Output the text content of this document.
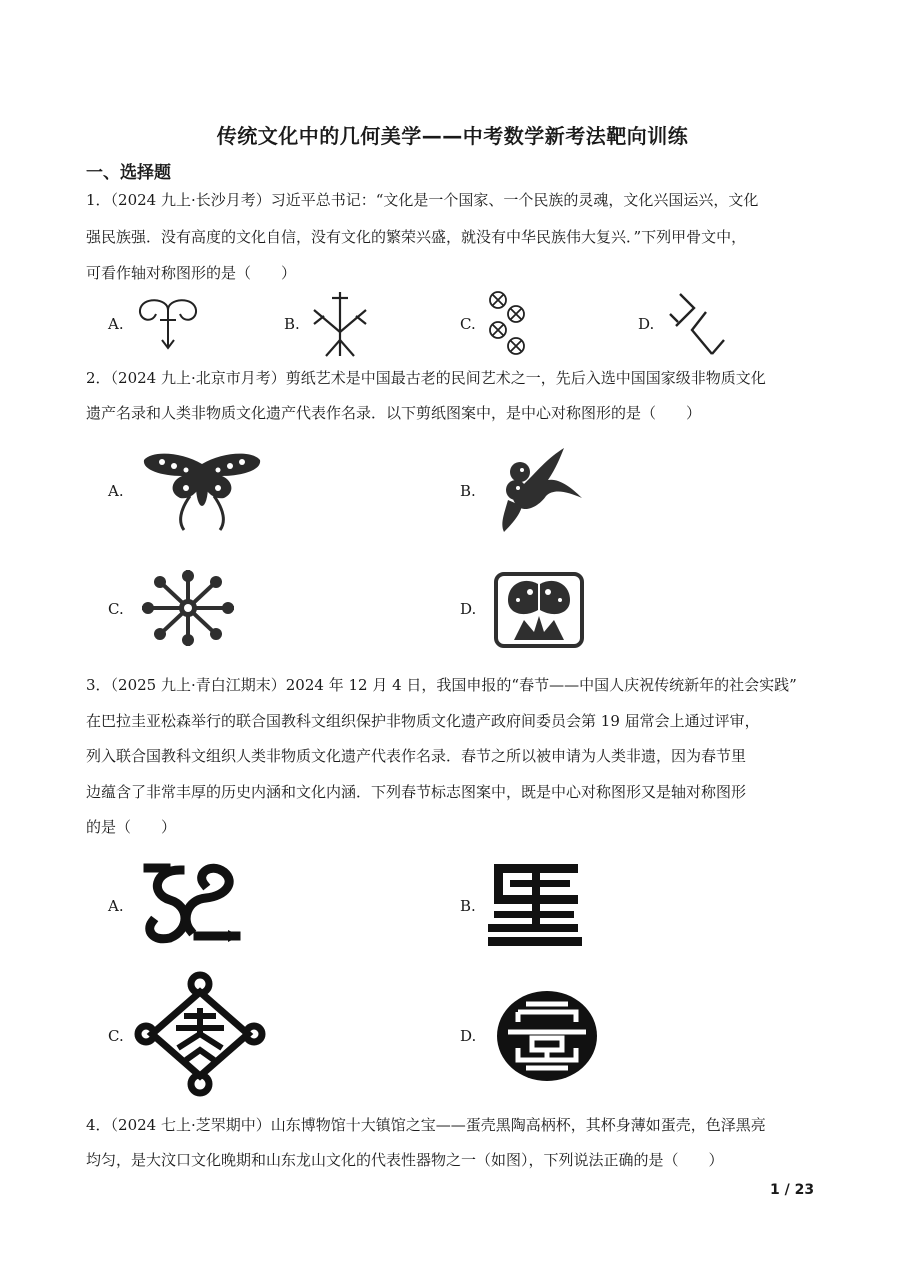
传统文化中的几何美学——中考数学新考法靶向训练
一、选择题
1．（2024 九上·长沙月考）习近平总书记：“文化是一个国家、一个民族的灵魂，文化兴国运兴，文化
强民族强．没有高度的文化自信，没有文化的繁荣兴盛，就没有中华民族伟大复兴．”下列甲骨文中，
可看作轴对称图形的是（　　）
A.	B.	C.	D.
2．（2024 九上·北京市月考）剪纸艺术是中国最古老的民间艺术之一，先后入选中国国家级非物质文化
遗产名录和人类非物质文化遗产代表作名录．以下剪纸图案中，是中心对称图形的是（　　）
A.	B.
C.	D.
3．（2025 九上·青白江期末）2024 年 12 月 4 日，我国申报的“春节——中国人庆祝传统新年的社会实践”
在巴拉圭亚松森举行的联合国教科文组织保护非物质文化遗产政府间委员会第 19 届常会上通过评审，
列入联合国教科文组织人类非物质文化遗产代表作名录．春节之所以被申请为人类非遗，因为春节里
边蕴含了非常丰厚的历史内涵和文化内涵．下列春节标志图案中，既是中心对称图形又是轴对称图形
的是（　　）
A.	B.
C.	D.
4．（2024 七上·芝罘期中）山东博物馆十大镇馆之宝——蛋壳黑陶高柄杯，其杯身薄如蛋壳，色泽黑亮
均匀，是大汶口文化晚期和山东龙山文化的代表性器物之一（如图），下列说法正确的是（　　）
1 / 23
